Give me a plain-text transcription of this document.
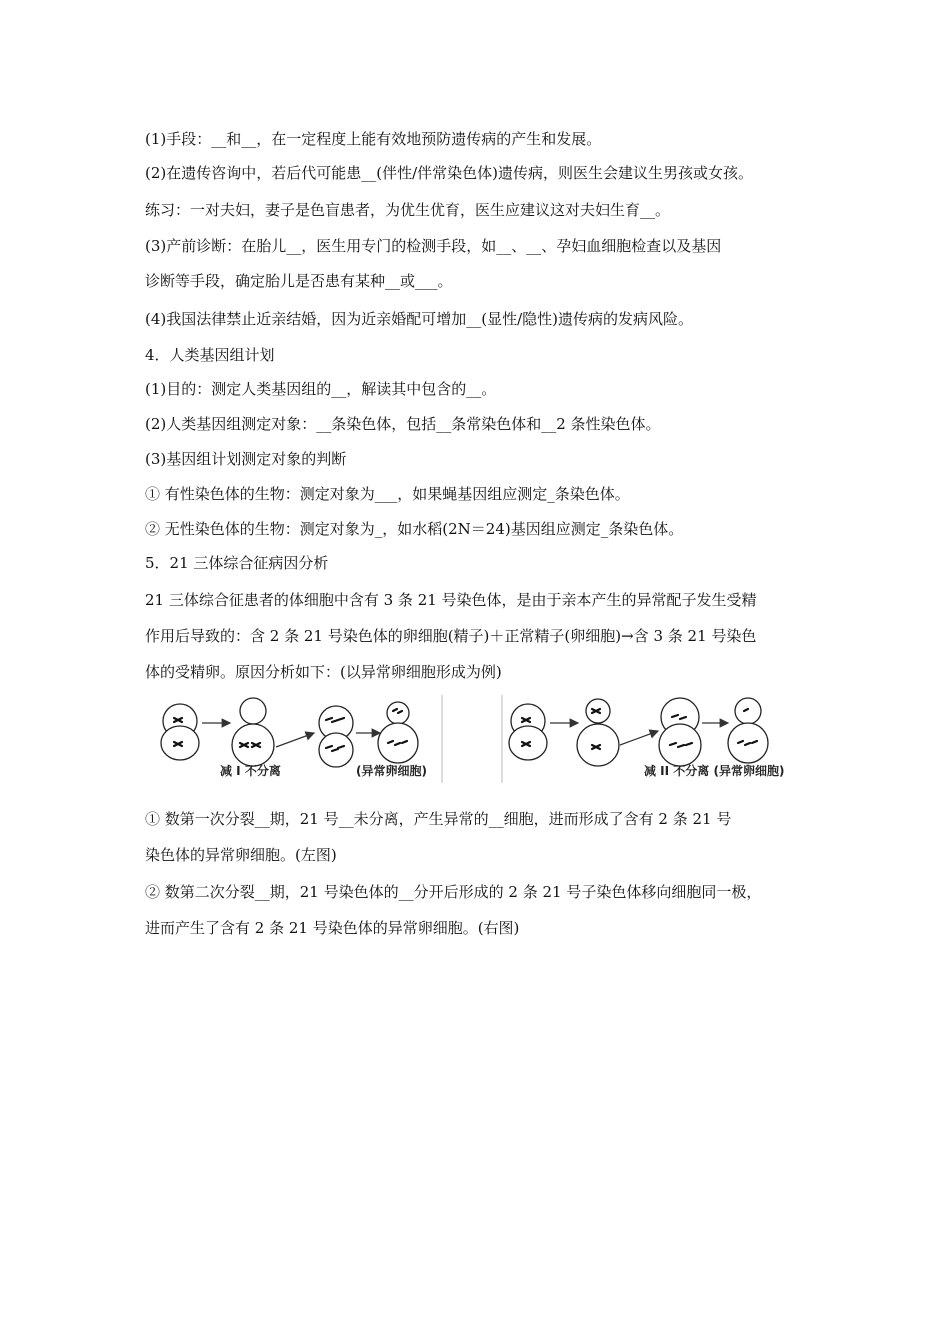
(1)手段：__和__，在一定程度上能有效地预防遗传病的产生和发展。
(2)在遗传咨询中，若后代可能患__(伴性/伴常染色体)遗传病，则医生会建议生男孩或女孩。
练习：一对夫妇，妻子是色盲患者，为优生优育，医生应建议这对夫妇生育__。
(3)产前诊断：在胎儿__，医生用专门的检测手段，如__、__、孕妇血细胞检查以及基因
诊断等手段，确定胎儿是否患有某种__或___。
(4)我国法律禁止近亲结婚，因为近亲婚配可增加__(显性/隐性)遗传病的发病风险。
4．人类基因组计划
(1)目的：测定人类基因组的__，解读其中包含的__。
(2)人类基因组测定对象：__条染色体，包括__条常染色体和__2 条性染色体。
(3)基因组计划测定对象的判断
① 有性染色体的生物：测定对象为___，如果蝇基因组应测定_条染色体。
② 无性染色体的生物：测定对象为_，如水稻(2N＝24)基因组应测定_条染色体。
5．21 三体综合征病因分析
21 三体综合征患者的体细胞中含有 3 条 21 号染色体，是由于亲本产生的异常配子发生受精
作用后导致的：含 2 条 21 号染色体的卵细胞(精子)＋正常精子(卵细胞)→含 3 条 21 号染色
体的受精卵。原因分析如下：(以异常卵细胞形成为例)
减 I 不分离	(异常卵细胞)	减 II 不分离 (异常卵细胞)
① 数第一次分裂__期，21 号__未分离，产生异常的__细胞，进而形成了含有 2 条 21 号
染色体的异常卵细胞。(左图)
② 数第二次分裂__期，21 号染色体的__分开后形成的 2 条 21 号子染色体移向细胞同一极，
进而产生了含有 2 条 21 号染色体的异常卵细胞。(右图)
